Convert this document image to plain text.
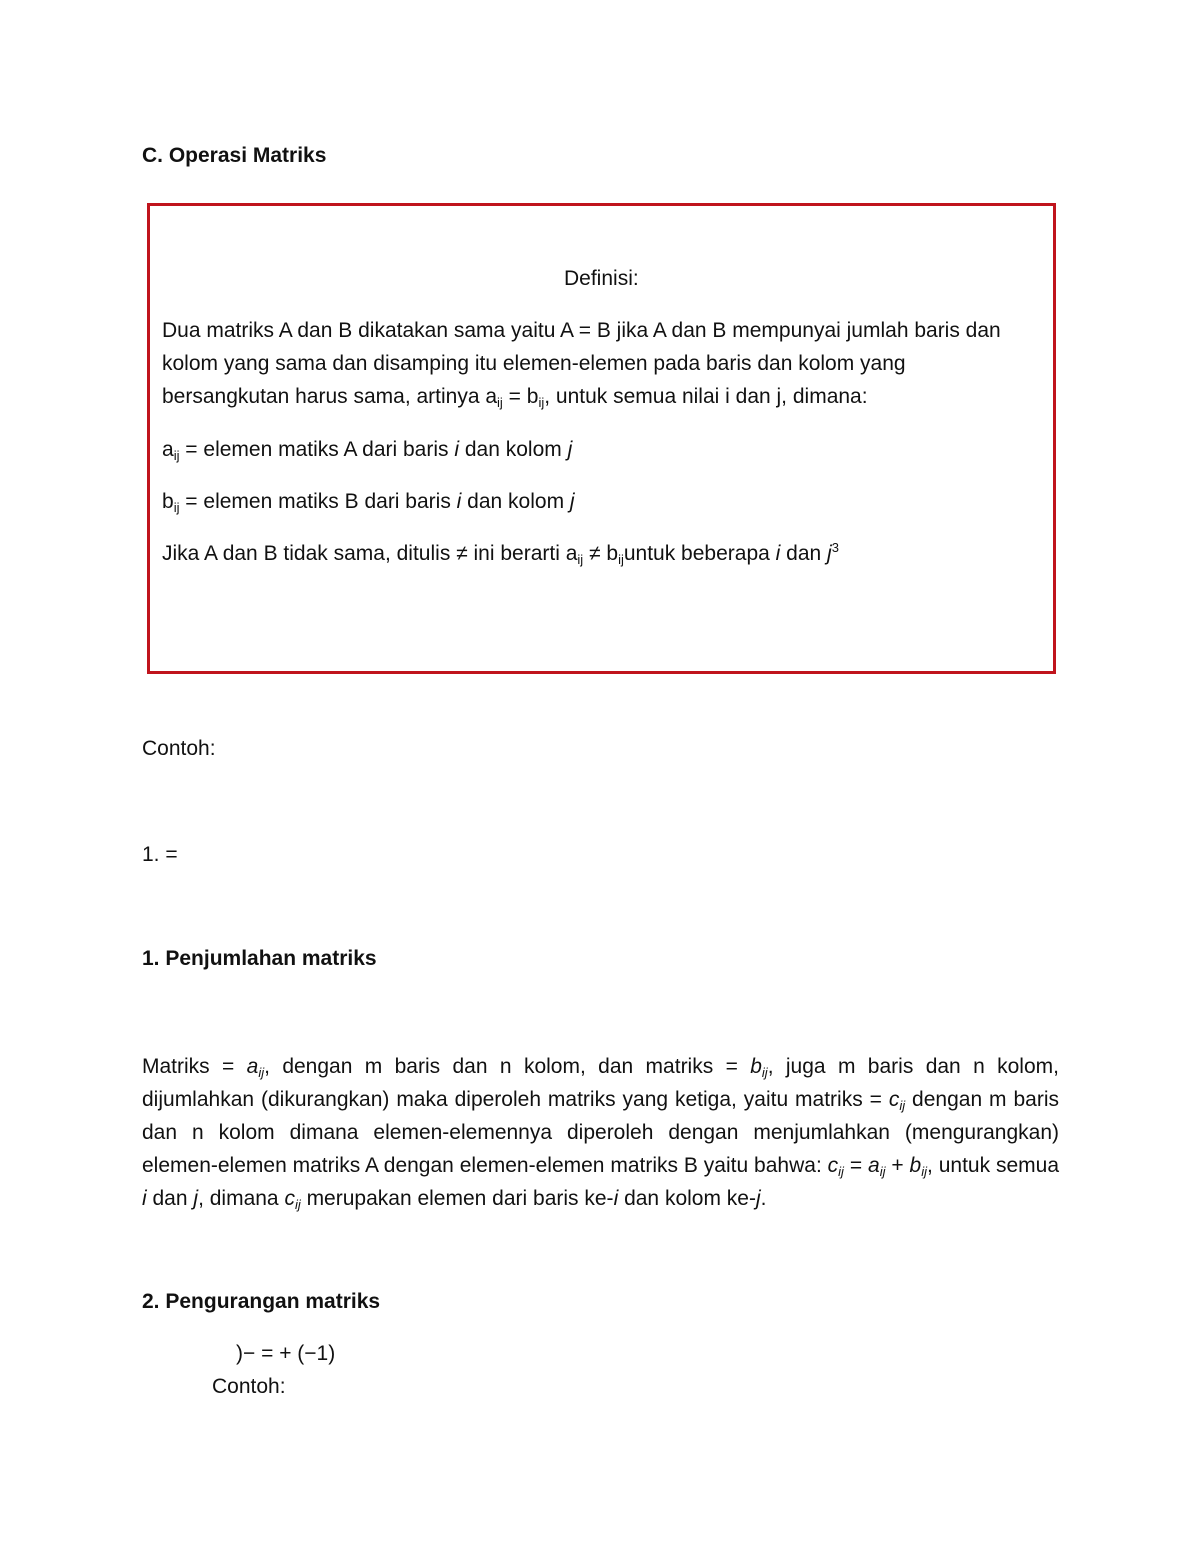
C. Operasi Matriks
Definisi:
Dua matriks A dan B dikatakan sama yaitu A = B jika A dan B mempunyai jumlah baris dan
kolom yang sama dan disamping itu elemen-elemen pada baris dan kolom yang
bersangkutan harus sama, artinya $a_{ij} = b_{ij}$, untuk semua nilai i dan j, dimana:
$a_{ij}$ = elemen matiks A dari baris i dan kolom j
$b_{ij}$ = elemen matiks B dari baris i dan kolom j
Jika A dan B tidak sama, ditulis ≠ ini berarti $a_{ij}$ ≠ $b_{ij}untuk$ beberapa i dan $j^3$
Contoh:
1. =
1. Penjumlahan matriks
Matriks = $a_{ij}$, dengan m baris dan n kolom, dan matriks = $b_{ij}$, juga m baris dan n kolom, dijumlahkan (dikurangkan) maka diperoleh matriks yang ketiga, yaitu matriks = $c_{ij}$ dengan m baris dan n kolom dimana elemen-elemennya diperoleh dengan menjumlahkan (mengurangkan) elemen-elemen matriks A dengan elemen-elemen matriks B yaitu bahwa: $c_{ij} = a_{ij} + b_{ij}$, untuk semua i dan j, dimana $c_{ij}$ merupakan elemen dari baris ke-i dan kolom ke-j.
2. Pengurangan matriks
)− = + (−1)
Contoh:
